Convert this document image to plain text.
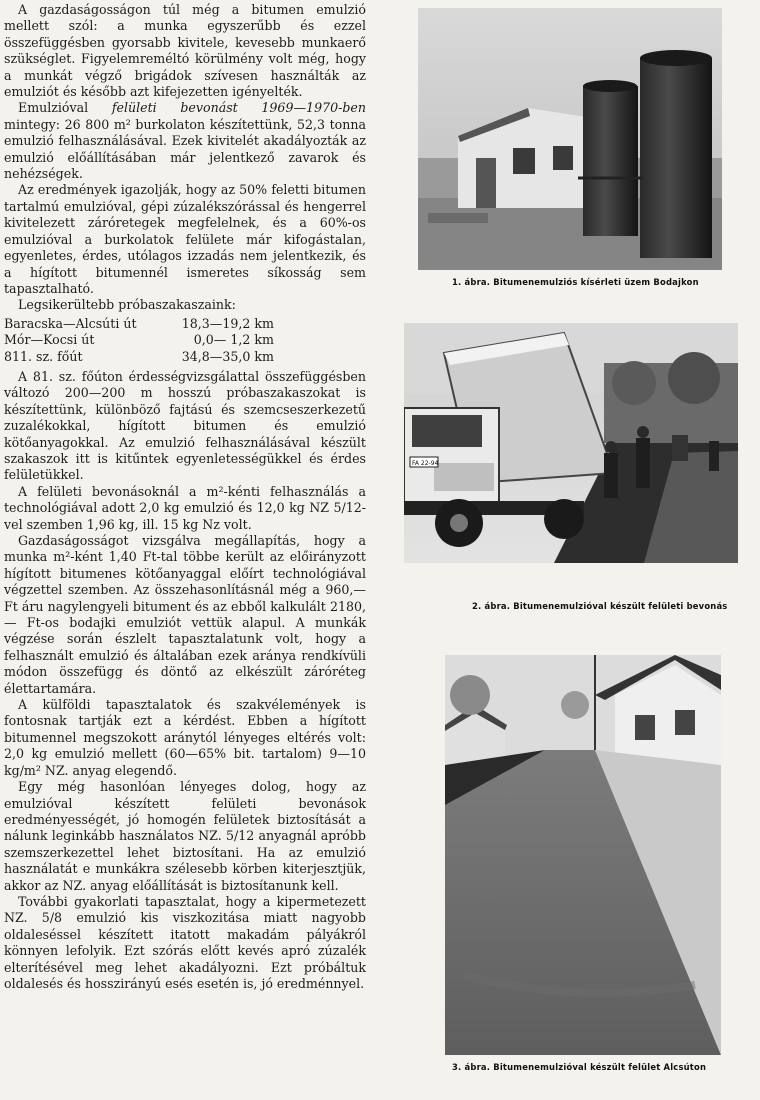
A gazdaságosságon túl még a bitumen emulzió mellett szól: a munka egyszerűbb és ezzel összefüggésben gyorsabb kivitele, kevesebb munkaerő szükséglet. Figyelemreméltó körülmény volt még, hogy a munkát végző brigádok szívesen használták az emulziót és később azt kifejezetten igényelték.

Emulzióval felületi bevonást 1969—1970-ben mintegy: 26 800 m² burkolaton készítettünk, 52,3 tonna emulzió felhasználásával. Ezek kivitelét akadályozták az emulzió előállításában már jelentkező zavarok és nehézségek.

Az eredmények igazolják, hogy az 50% feletti bitumen tartalmú emulzióval, gépi zúzalékszórással és hengerrel kivitelezett záróretegek megfelelnek, és a 60%-os emulzióval a burkolatok felülete már kifogástalan, egyenletes, érdes, utólagos izzadás nem jelentkezik, és a hígított bitumennél ismeretes síkosság sem tapasztalható.

Legsikerültebb próbaszakaszaink:

Baracska—Alcsúti út	18,3—19,2 km
Mór—Kocsi út	0,0— 1,2 km
811. sz. főút	34,8—35,0 km

A 81. sz. főúton érdességvizsgálattal összefüggésben változó 200—200 m hosszú próbaszakaszokat is készítettünk, különböző fajtású és szemcseszerkezetű zuzalékokkal, hígított bitumen és emulzió kötőanyagokkal. Az emulzió felhasználásával készült szakaszok itt is kitűntek egyenletességükkel és érdes felületükkel.

A felületi bevonásoknál a m²-kénti felhasználás a technológiával adott 2,0 kg emulzió és 12,0 kg NZ 5/12-vel szemben 1,96 kg, ill. 15 kg Nz volt.

Gazdaságosságot vizsgálva megállapítás, hogy a munka m²-ként 1,40 Ft-tal többe került az előirányzott hígított bitumenes kötőanyaggal előírt technológiával végzettel szemben. Az összehasonlításnál még a 960,— Ft áru nagylengyeli bitument és az ebből kalkulált 2180,— Ft-os bodajki emulziót vettük alapul. A munkák végzése során észlelt tapasztalatunk volt, hogy a felhasznált emulzió és általában ezek aránya rendkívüli módon összefügg és döntő az elkészült záróréteg élettartamára.

A külföldi tapasztalatok és szakvélemények is fontosnak tartják ezt a kérdést. Ebben a hígított bitumennel megszokott aránytól lényeges eltérés volt: 2,0 kg emulzió mellett (60—65% bit. tartalom) 9—10 kg/m² NZ. anyag elegendő.

Egy még hasonlóan lényeges dolog, hogy az emulzióval készített felületi bevonások eredményességét, jó homogén felületek biztosítását a nálunk leginkább használatos NZ. 5/12 anyagnál apróbb szemszerkezettel lehet biztosítani. Ha az emulzió használatát e munkákra szélesebb körben kiterjesztjük, akkor az NZ. anyag előállítását is biztosítanunk kell.

További gyakorlati tapasztalat, hogy a kipermetezett NZ. 5/8 emulzió kis viszkozitása miatt nagyobb oldaleséssel készített itatott makadám pályákról könnyen lefolyik. Ezt szórás előtt kevés apró zúzalék elterítésével meg lehet akadályozni. Ezt próbáltuk oldalesés és hosszirányú esés esetén is, jó eredménnyel.

1. ábra. Bitumenemulziós kísérleti üzem Bodajkon
FA 22-94
2. ábra. Bitumenemulzióval készült felületi bevonás
3. ábra. Bitumenemulzióval készült felület Alcsúton
